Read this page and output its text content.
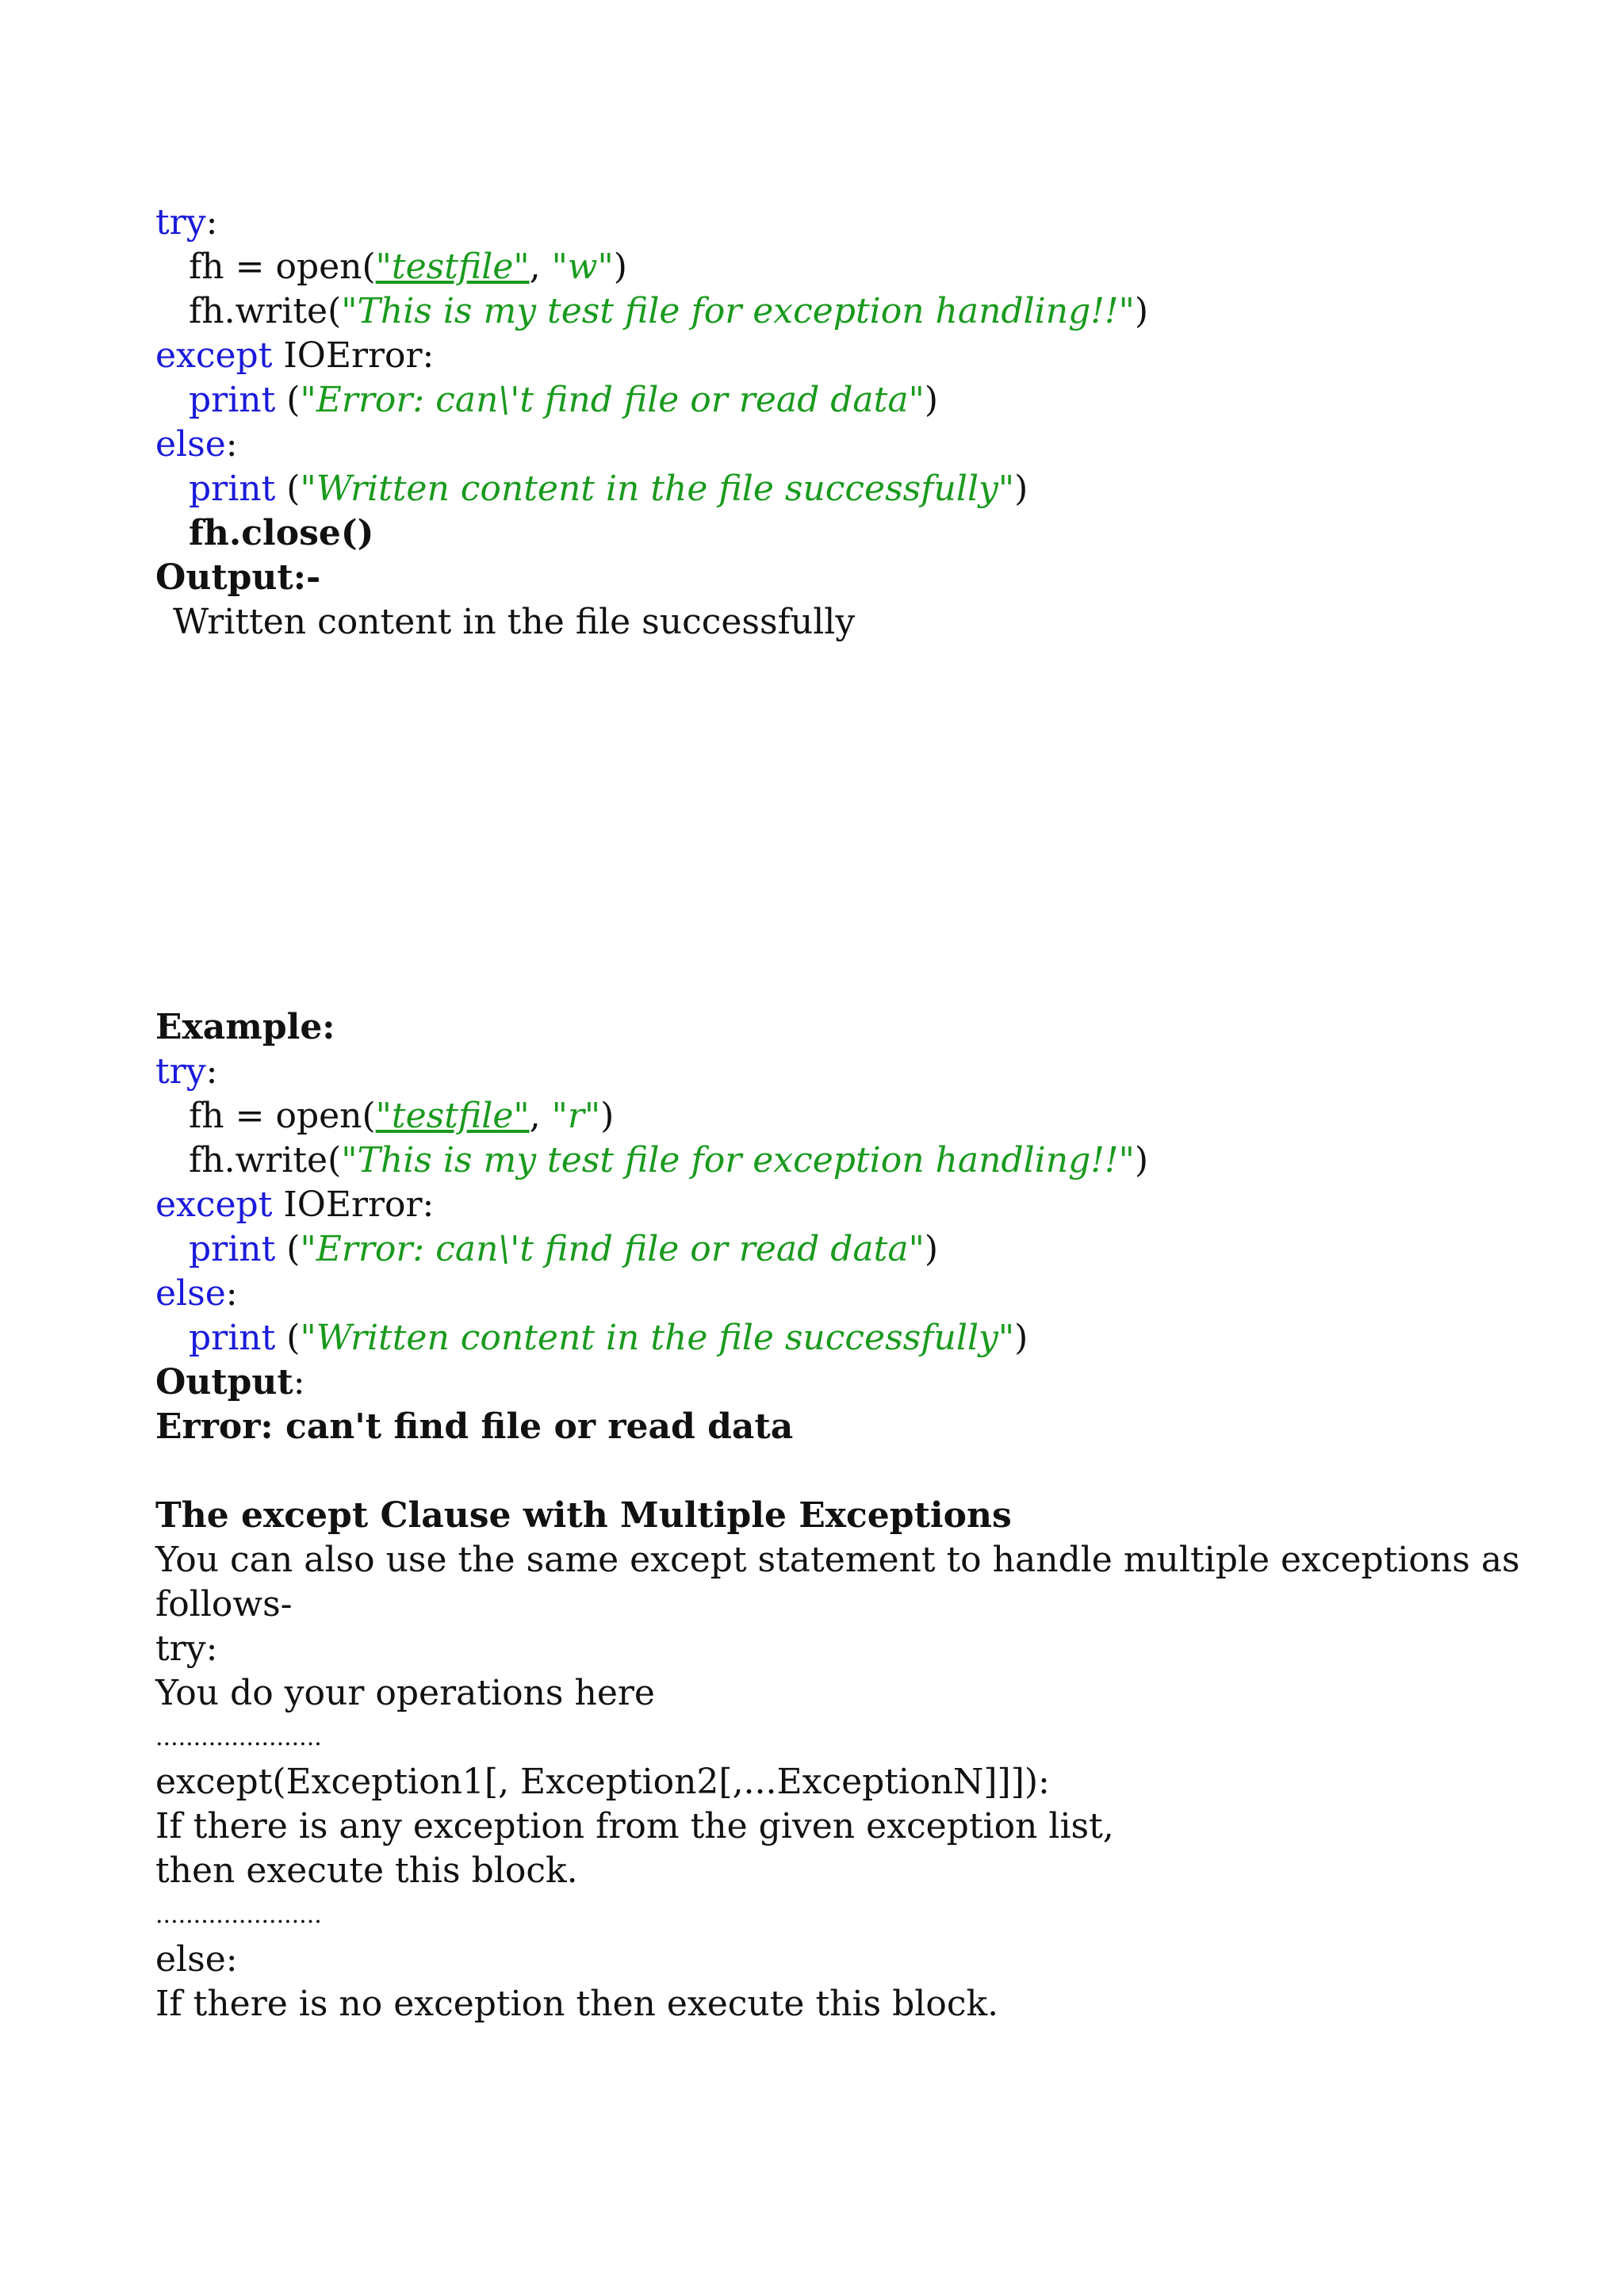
try:
fh = open("testfile", "w")
fh.write("This is my test file for exception handling!!")
except IOError:
print ("Error: can\'t find file or read data")
else:
print ("Written content in the file successfully")
fh.close()
Output:-
Written content in the file successfully
Example:
try:
fh = open("testfile", "r")
fh.write("This is my test file for exception handling!!")
except IOError:
print ("Error: can\'t find file or read data")
else:
print ("Written content in the file successfully")
Output:
Error: can't find file or read data
The except Clause with Multiple Exceptions
You can also use the same except statement to handle multiple exceptions as
follows-
try:
You do your operations here
......................
except(Exception1[, Exception2[,...ExceptionN]]]):
If there is any exception from the given exception list,
then execute this block.
......................
else:
If there is no exception then execute this block.
